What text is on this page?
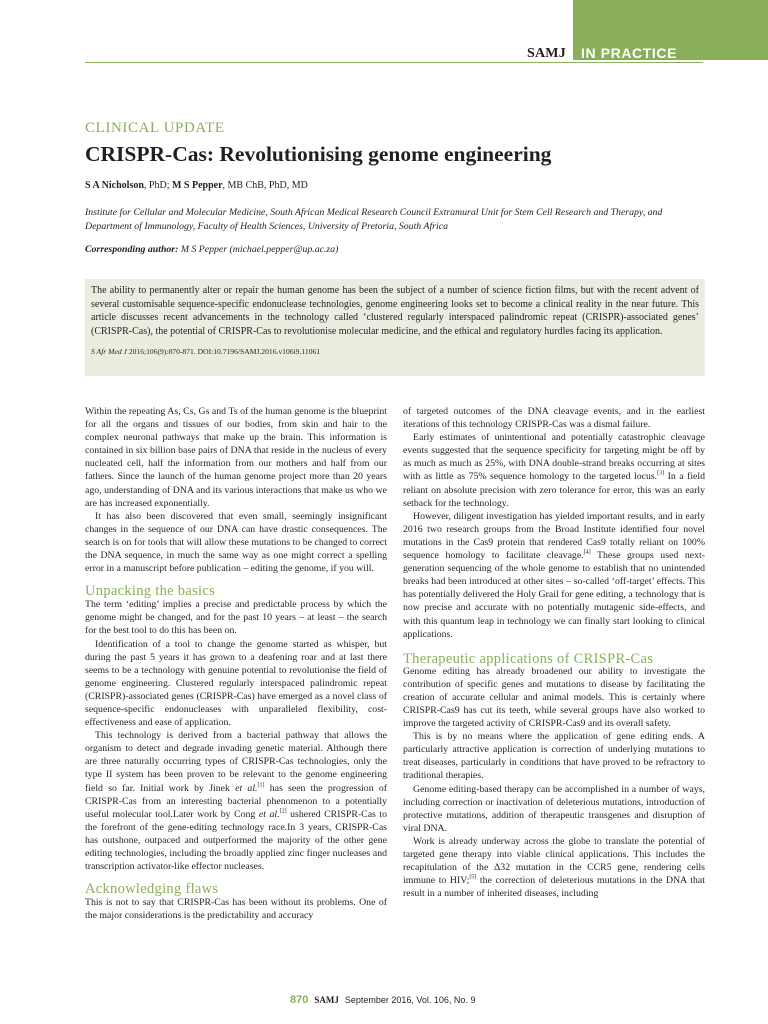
SAMJ	IN PRACTICE
CLINICAL UPDATE
CRISPR-Cas: Revolutionising genome engineering
S A Nicholson, PhD; M S Pepper, MB ChB, PhD, MD
Institute for Cellular and Molecular Medicine, South African Medical Research Council Extramural Unit for Stem Cell Research and Therapy, and Department of Immunology, Faculty of Health Sciences, University of Pretoria, South Africa
Corresponding author: M S Pepper (michael.pepper@up.ac.za)

The ability to permanently alter or repair the human genome has been the subject of a number of science fiction films, but with the recent advent of several customisable sequence-specific endonuclease technologies, genome engineering looks set to become a clinical reality in the near future. This article discusses recent advancements in the technology called ‘clustered regularly interspaced palindromic repeat (CRISPR)-associated genes’ (CRISPR-Cas), the potential of CRISPR-Cas to revolutionise molecular medicine, and the ethical and regulatory hurdles facing its application.

S Afr Med J 2016;106(9):870-871. DOI:10.7196/SAMJ.2016.v106i9.11061

Within the repeating As, Cs, Gs and Ts of the human genome is the blueprint for all the organs and tissues of our bodies, from skin and hair to the complex neuronal pathways that make up the brain. This information is contained in six billion base pairs of DNA that reside in the nucleus of every nucleated cell, half the information from our mothers and half from our fathers. Since the launch of the human genome project more than 20 years ago, understanding of DNA and its various interactions that make us who we are has increased exponentially.

It has also been discovered that even small, seemingly insignificant changes in the sequence of our DNA can have drastic consequences. The search is on for tools that will allow these mutations to be changed to correct the DNA sequence, in much the same way as one might correct a spelling error in a manuscript before publication – editing the genome, if you will.

Unpacking the basics

The term ‘editing’ implies a precise and predictable process by which the genome might be changed, and for the past 10 years – at least – the search for the best tool to do this has been on.

Identification of a tool to change the genome started as whisper, but during the past 5 years it has grown to a deafening roar and at last there seems to be a technology with genuine potential to revolutionise the field of genome engineering. Clustered regularly interspaced palindromic repeat (CRISPR)-associated genes (CRISPR-Cas) have emerged as a novel class of sequence-specific endonucleases with unparalleled flexibility, cost-effectiveness and ease of application.

This technology is derived from a bacterial pathway that allows the organism to detect and degrade invading genetic material. Although there are three naturally occurring types of CRISPR-Cas technologies, only the type II system has been proven to be relevant to the genome engineering field so far. Initial work by Jinek et al.[1] has seen the progression of CRISPR-Cas from an interesting bacterial phenomenon to a potentially useful molecular tool.Later work by Cong et al.[2] ushered CRISPR-Cas to the forefront of the gene-editing technology race.In 3 years, CRISPR-Cas has outshone, outpaced and outperformed the majority of the other gene editing technologies, including the broadly applied zinc finger nucleases and transcription activator-like effector nucleases.

Acknowledging flaws

This is not to say that CRISPR-Cas has been without its problems. One of the major considerations is the predictability and accuracy

of targeted outcomes of the DNA cleavage events, and in the earliest iterations of this technology CRISPR-Cas was a dismal failure.

Early estimates of unintentional and potentially catastrophic cleavage events suggested that the sequence specificity for targeting might be off by as much as much as 25%, with DNA double-strand breaks occurring at sites with as little as 75% sequence homology to the targeted locus.[3] In a field reliant on absolute precision with zero tolerance for error, this was an early setback for the technology.

However, diligent investigation has yielded important results, and in early 2016 two research groups from the Broad Institute identified four novel mutations in the Cas9 protein that rendered Cas9 totally reliant on 100% sequence homology to facilitate cleavage.[4] These groups used next-generation sequencing of the whole genome to establish that no unintended breaks had been introduced at other sites – so-called ‘off-target’ effects. This has potentially delivered the Holy Grail for gene editing, a technology that is now precise and accurate with no potentially mutagenic side-effects, and with this quantum leap in technology we can finally start looking to clinical applications.

Therapeutic applications of CRISPR-Cas

Genome editing has already broadened our ability to investigate the contribution of specific genes and mutations to disease by facilitating the creation of accurate cellular and animal models. This is certainly where CRISPR-Cas9 has cut its teeth, while several groups have also worked to improve the targeted activity of CRISPR-Cas9 and its overall safety.

This is by no means where the application of gene editing ends. A particularly attractive application is correction of underlying mutations to treat diseases, particularly in conditions that have proved to be refractory to traditional therapies.

Genome editing-based therapy can be accomplished in a number of ways, including correction or inactivation of deleterious mutations, introduction of protective mutations, addition of therapeutic transgenes and disruption of viral DNA.

Work is already underway across the globe to translate the potential of targeted gene therapy into viable clinical applications. This includes the recapitulation of the Δ32 mutation in the CCR5 gene, rendering cells immune to HIV;[5] the correction of deleterious mutations in the DNA that result in a number of inherited diseases, including

870 SAMJ September 2016, Vol. 106, No. 9
